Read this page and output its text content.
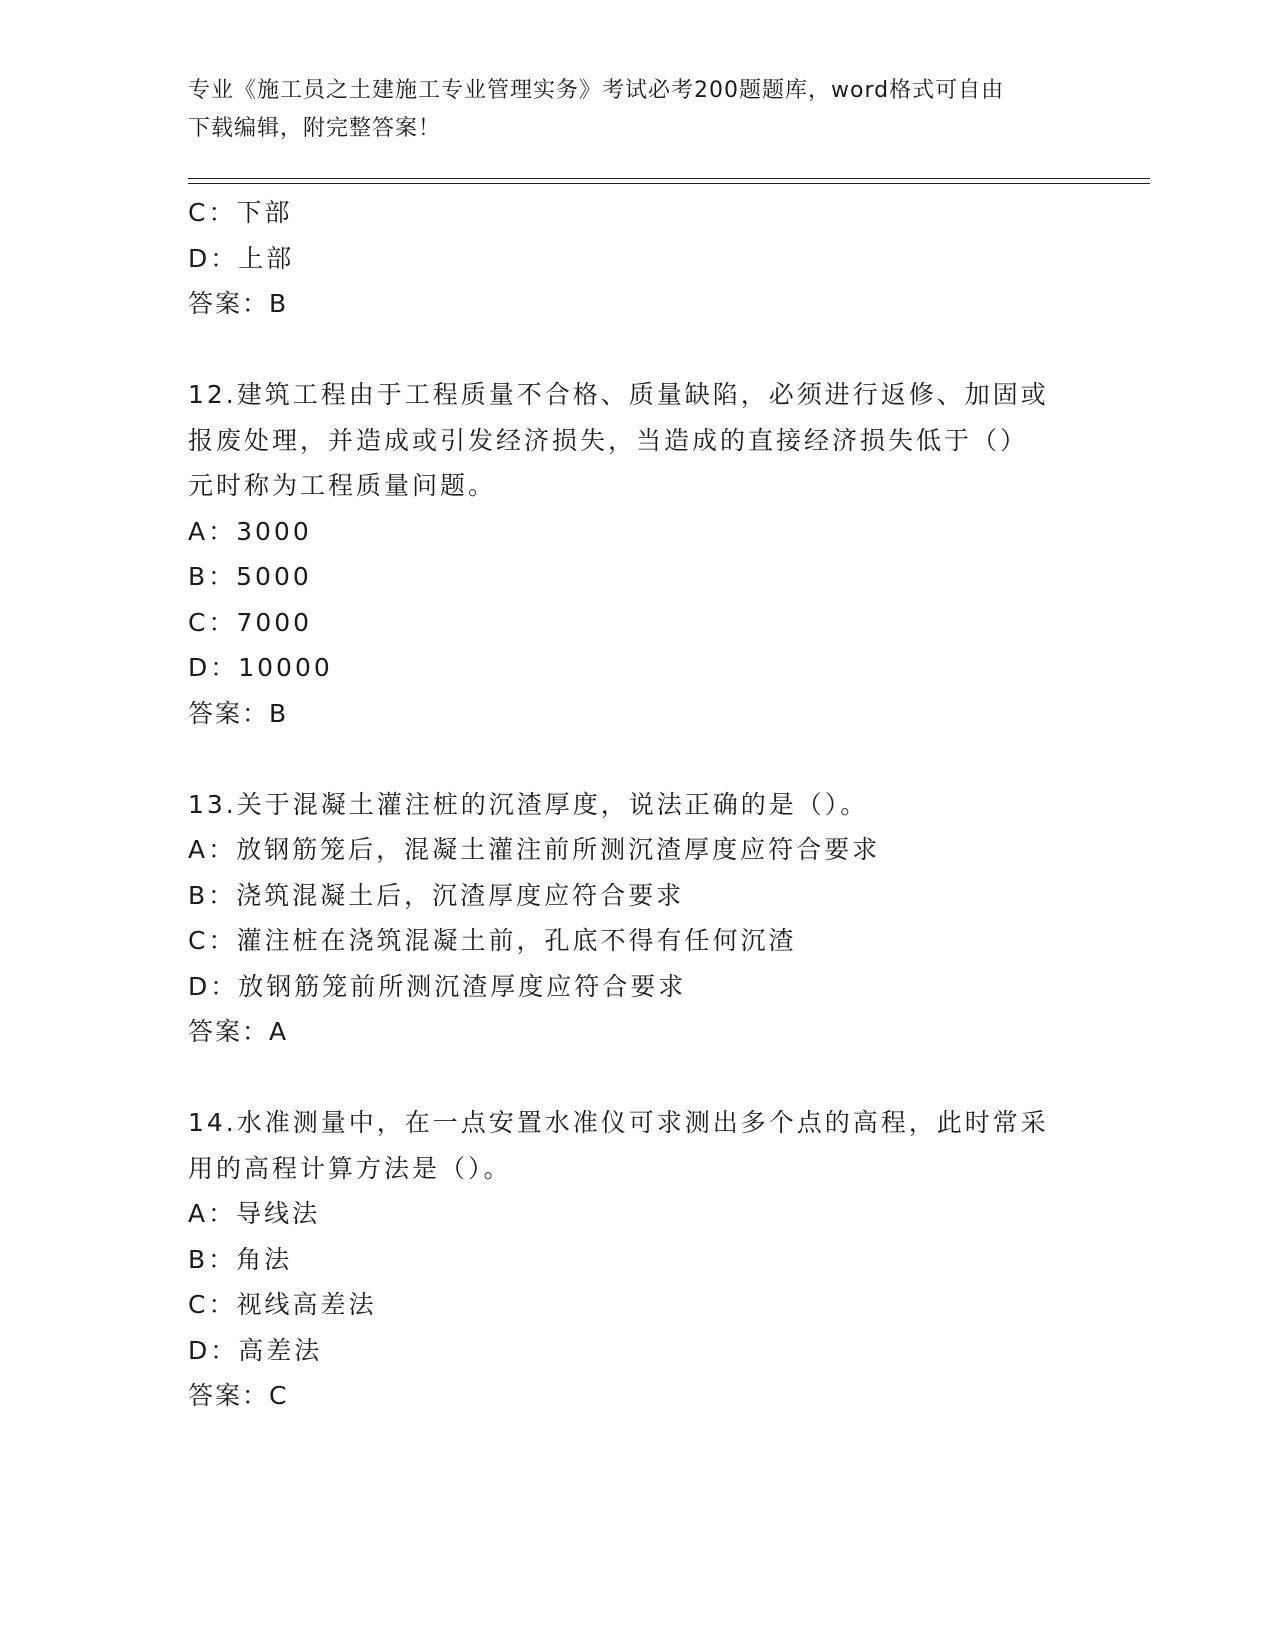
专业《施工员之土建施工专业管理实务》考试必考200题题库，word格式可自由
下载编辑，附完整答案！
C：下部
D：上部
答案：B
12.建筑工程由于工程质量不合格、质量缺陷，必须进行返修、加固或
报废处理，并造成或引发经济损失，当造成的直接经济损失低于（）
元时称为工程质量问题。
A：3000
B：5000
C：7000
D：10000
答案：B
13.关于混凝土灌注桩的沉渣厚度，说法正确的是（）。
A：放钢筋笼后，混凝土灌注前所测沉渣厚度应符合要求
B：浇筑混凝土后，沉渣厚度应符合要求
C：灌注桩在浇筑混凝土前，孔底不得有任何沉渣
D：放钢筋笼前所测沉渣厚度应符合要求
答案：A
14.水准测量中，在一点安置水准仪可求测出多个点的高程，此时常采
用的高程计算方法是（）。
A：导线法
B：角法
C：视线高差法
D：高差法
答案：C
